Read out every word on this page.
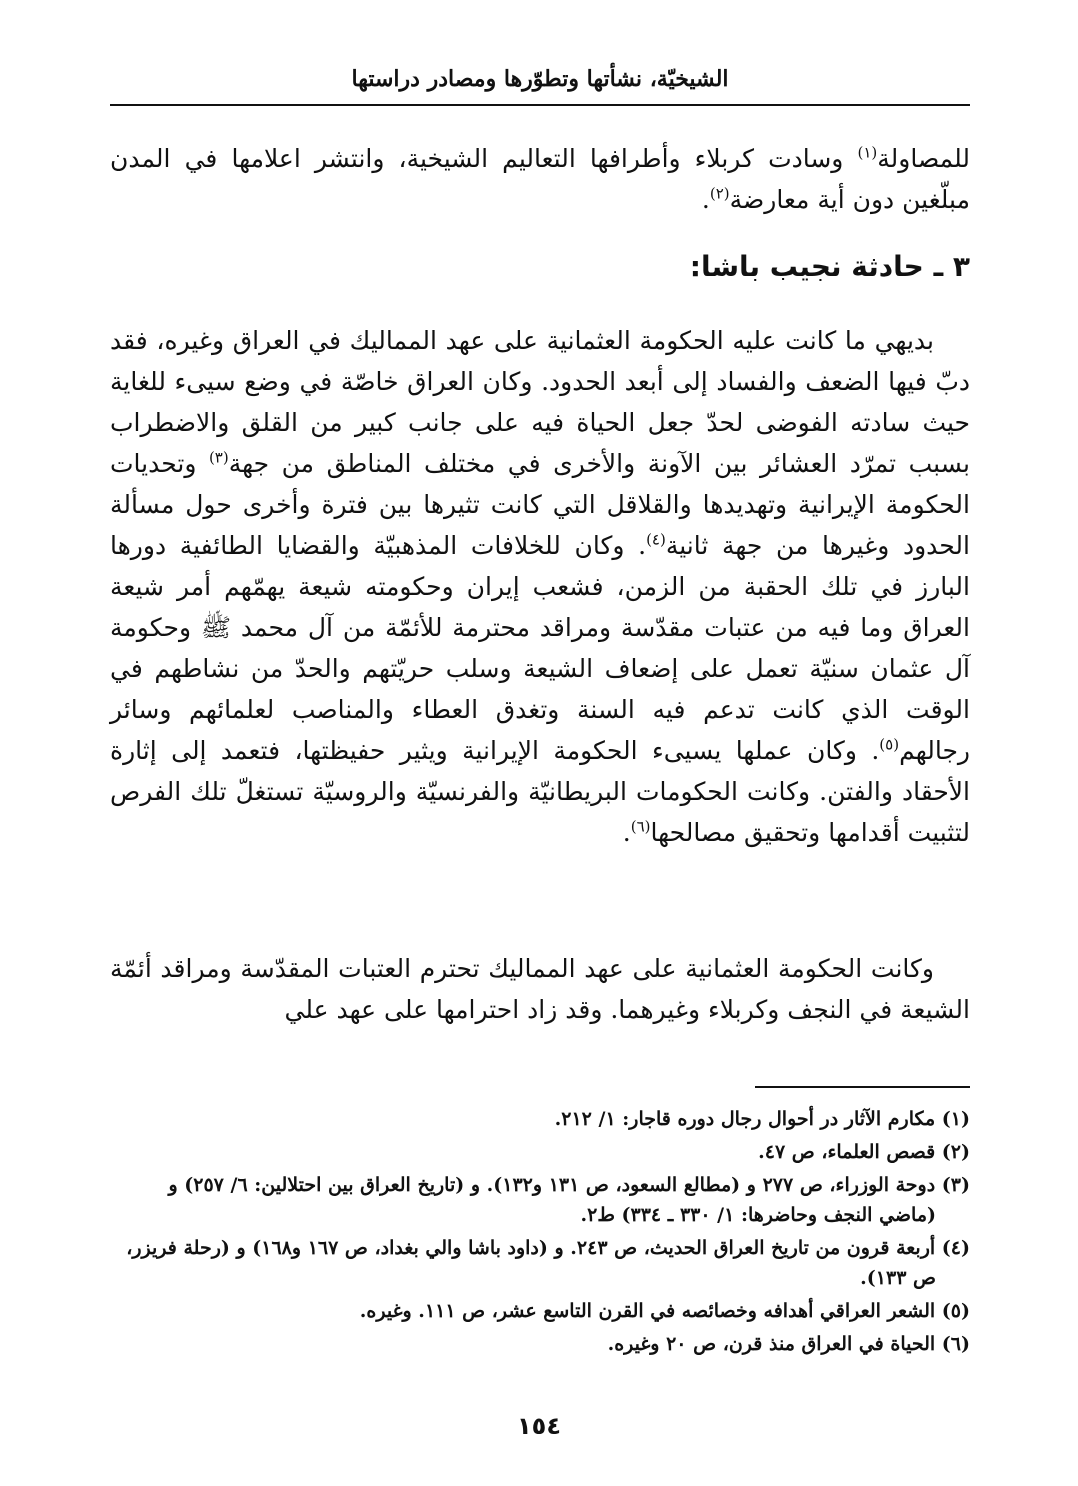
الشيخيّة، نشأتها وتطوّرها ومصادر دراستها

للمصاولة$^{(١)}$ وسادت كربلاء وأطرافها التعاليم الشيخية، وانتشر اعلامها في المدن مبلّغين دون أية معارضة$^{(٢)}$.

٣ ـ حادثة نجيب باشا:

بديهي ما كانت عليه الحكومة العثمانية على عهد المماليك في العراق وغيره، فقد دبّ فيها الضعف والفساد إلى أبعد الحدود. وكان العراق خاصّة في وضع سيىء للغاية حيث سادته الفوضى لحدّ جعل الحياة فيه على جانب كبير من القلق والاضطراب بسبب تمرّد العشائر بين الآونة والأخرى في مختلف المناطق من جهة$^{(٣)}$ وتحديات الحكومة الإيرانية وتهديدها والقلاقل التي كانت تثيرها بين فترة وأخرى حول مسألة الحدود وغيرها من جهة ثانية$^{(٤)}$. وكان للخلافات المذهبيّة والقضايا الطائفية دورها البارز في تلك الحقبة من الزمن، فشعب إيران وحكومته شيعة يهمّهم أمر شيعة العراق وما فيه من عتبات مقدّسة ومراقد محترمة للأئمّة من آل محمد ﷺ وحكومة آل عثمان سنيّة تعمل على إضعاف الشيعة وسلب حريّتهم والحدّ من نشاطهم في الوقت الذي كانت تدعم فيه السنة وتغدق العطاء والمناصب لعلمائهم وسائر رجالهم$^{(٥)}$. وكان عملها يسيىء الحكومة الإيرانية ويثير حفيظتها، فتعمد إلى إثارة الأحقاد والفتن. وكانت الحكومات البريطانيّة والفرنسيّة والروسيّة تستغلّ تلك الفرص لتثبيت أقدامها وتحقيق مصالحها$^{(٦)}$.

وكانت الحكومة العثمانية على عهد المماليك تحترم العتبات المقدّسة ومراقد أئمّة الشيعة في النجف وكربلاء وغيرهما. وقد زاد احترامها على عهد علي

(١) مكارم الآثار در أحوال رجال دوره قاجار: ١/ ٢١٢.
(٢) قصص العلماء، ص ٤٧.
(٣) دوحة الوزراء، ص ٢٧٧ و (مطالع السعود، ص ١٣١ و١٣٢). و (تاريخ العراق بين احتلالين: ٦/ ٢٥٧) و (ماضي النجف وحاضرها: ١/ ٣٣٠ ـ ٣٣٤) ط٢.
(٤) أربعة قرون من تاريخ العراق الحديث، ص ٢٤٣. و (داود باشا والي بغداد، ص ١٦٧ و١٦٨) و (رحلة فريزر، ص ١٣٣).
(٥) الشعر العراقي أهدافه وخصائصه في القرن التاسع عشر، ص ١١١. وغيره.
(٦) الحياة في العراق منذ قرن، ص ٢٠ وغيره.
١٥٤
